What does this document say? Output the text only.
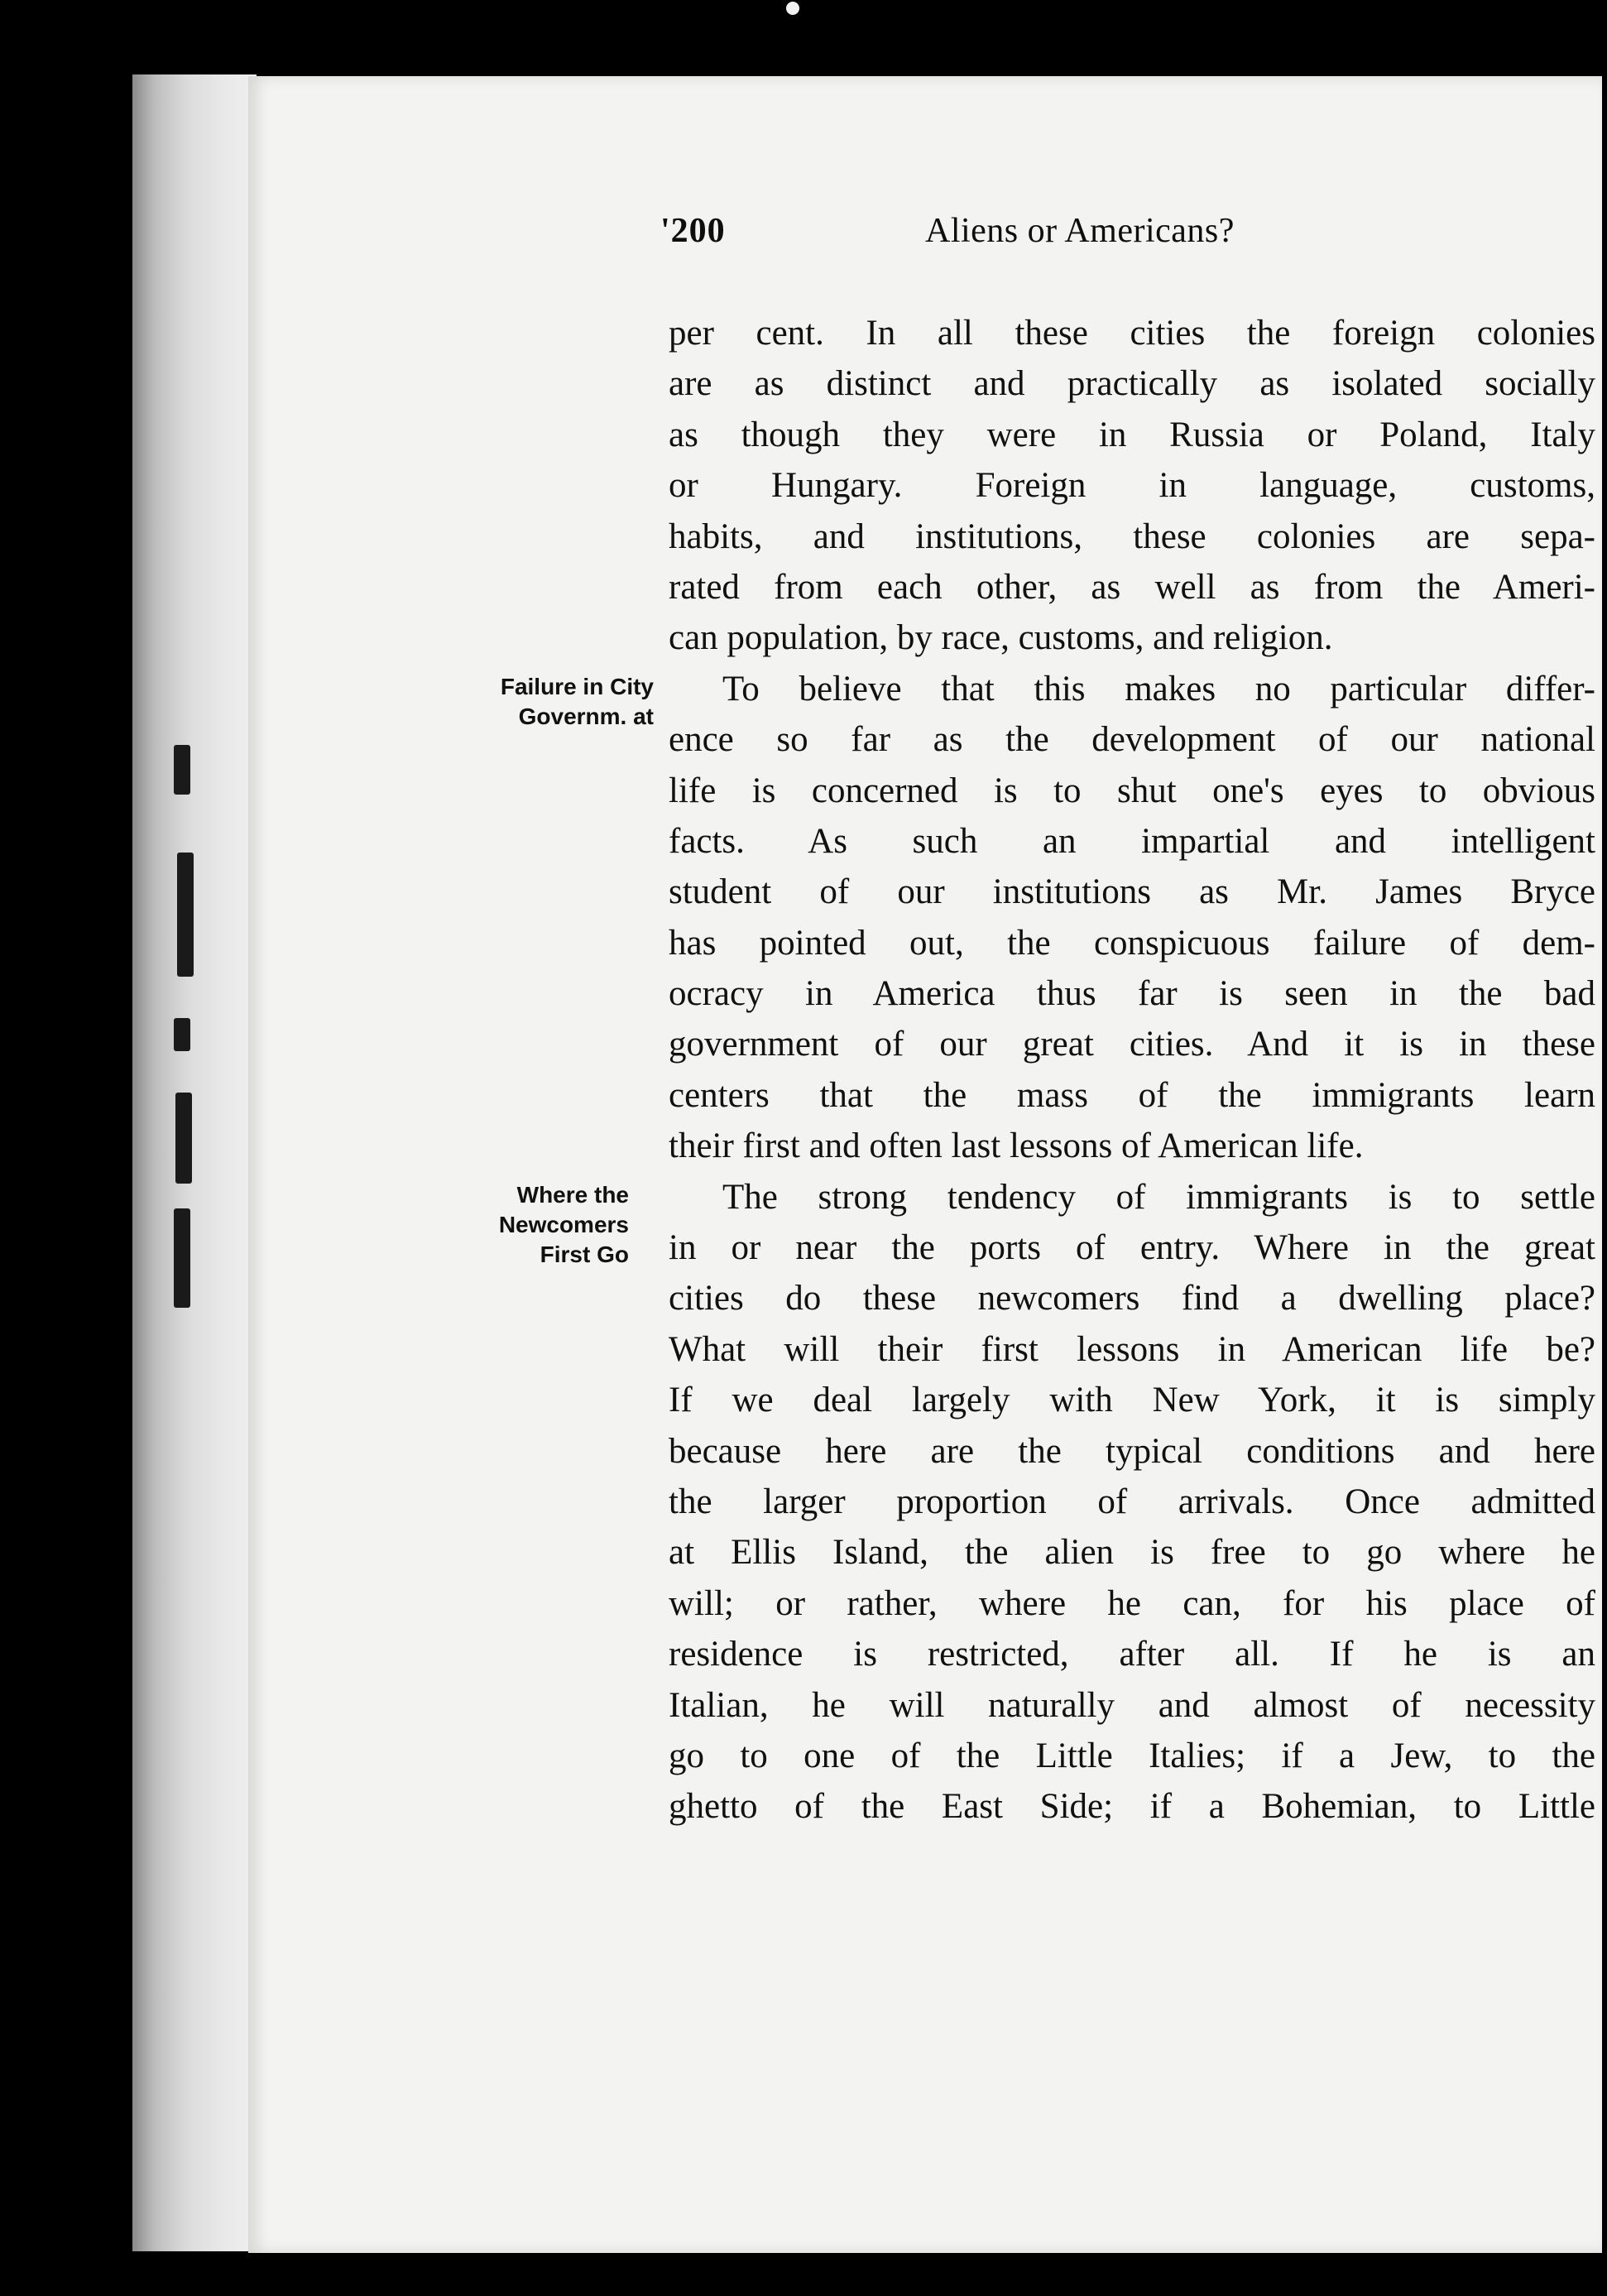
'200	Aliens or Americans?
Failure in City
Governm. at
Where the
Newcomers
First Go
per cent. In all these cities the foreign colonies
are as distinct and practically as isolated socially
as though they were in Russia or Poland, Italy
or Hungary. Foreign in language, customs,
habits, and institutions, these colonies are sepa-
rated from each other, as well as from the Ameri-
can population, by race, customs, and religion.
To believe that this makes no particular differ-
ence so far as the development of our national
life is concerned is to shut one's eyes to obvious
facts. As such an impartial and intelligent
student of our institutions as Mr. James Bryce
has pointed out, the conspicuous failure of dem-
ocracy in America thus far is seen in the bad
government of our great cities. And it is in these
centers that the mass of the immigrants learn
their first and often last lessons of American life.
The strong tendency of immigrants is to settle
in or near the ports of entry. Where in the great
cities do these newcomers find a dwelling place?
What will their first lessons in American life be?
If we deal largely with New York, it is simply
because here are the typical conditions and here
the larger proportion of arrivals. Once admitted
at Ellis Island, the alien is free to go where he
will; or rather, where he can, for his place of
residence is restricted, after all. If he is an
Italian, he will naturally and almost of necessity
go to one of the Little Italies; if a Jew, to the
ghetto of the East Side; if a Bohemian, to Little
